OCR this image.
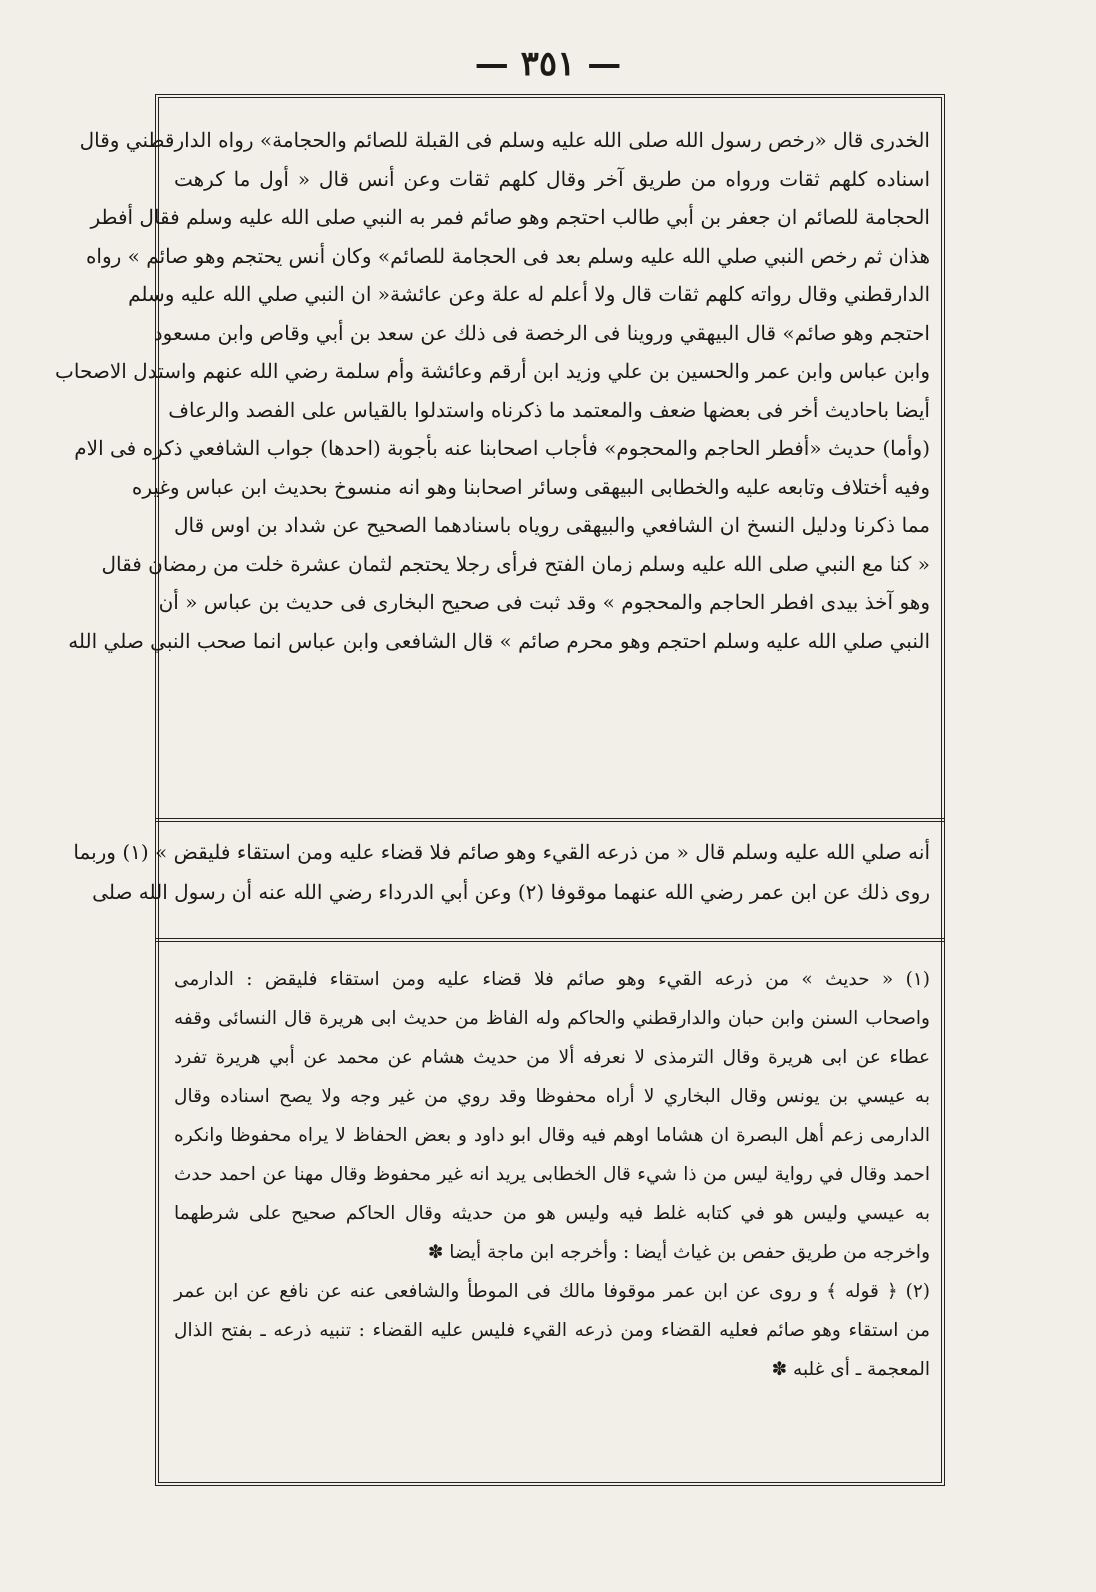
— ٣٥١ —
الخدرى قال «رخص رسول الله صلى الله عليه وسلم فى القبلة للصائم والحجامة» رواه الدارقطني وقال
اسناده كلهم ثقات ورواه من طريق آخر وقال كلهم ثقات وعن أنس قال « أول ما كرهت
الحجامة للصائم ان جعفر بن أبي طالب احتجم وهو صائم فمر به النبي صلى الله عليه وسلم فقال أفطر
هذان ثم رخص النبي صلي الله عليه وسلم بعد فى الحجامة للصائم» وكان أنس يحتجم وهو صائم » رواه
الدارقطني وقال رواته كلهم ثقات قال ولا أعلم له علة وعن عائشة« ان النبي صلي الله عليه وسلم
احتجم وهو صائم» قال البيهقي وروينا فى الرخصة فى ذلك عن سعد بن أبي وقاص وابن مسعود
وابن عباس وابن عمر والحسين بن علي وزيد ابن أرقم وعائشة وأم سلمة رضي الله عنهم واستدل الاصحاب
أيضا باحاديث أخر فى بعضها ضعف والمعتمد ما ذكرناه واستدلوا بالقياس على الفصد والرعاف
(وأما) حديث «أفطر الحاجم والمحجوم» فأجاب اصحابنا عنه بأجوبة (احدها) جواب الشافعي ذكره فى الام
وفيه أختلاف وتابعه عليه والخطابى البيهقى وسائر اصحابنا وهو انه منسوخ بحديث ابن عباس وغيره
مما ذكرنا ودليل النسخ ان الشافعي والبيهقى روياه باسنادهما الصحيح عن شداد بن اوس قال
« كنا مع النبي صلى الله عليه وسلم زمان الفتح فرأى رجلا يحتجم لثمان عشرة خلت من رمضان فقال
وهو آخذ بيدى افطر الحاجم والمحجوم » وقد ثبت فى صحيح البخارى فى حديث بن عباس « أن
النبي صلي الله عليه وسلم احتجم وهو محرم صائم » قال الشافعى وابن عباس انما صحب النبي صلي الله
أنه صلي الله عليه وسلم قال « من ذرعه القيء وهو صائم فلا قضاء عليه ومن استقاء فليقض » (١) وربما
روى ذلك عن ابن عمر رضي الله عنهما موقوفا (٢) وعن أبي الدرداء رضي الله عنه أن رسول الله صلى
(١) « حديث » من ذرعه القيء وهو صائم فلا قضاء عليه ومن استقاء فليقض : الدارمى
واصحاب السنن وابن حبان والدارقطني والحاكم وله الفاظ من حديث ابى هريرة قال النسائى وقفه
عطاء عن ابى هريرة وقال الترمذى لا نعرفه ألا من حديث هشام عن محمد عن أبي هريرة تفرد
به عيسي بن يونس وقال البخاري لا أراه محفوظا وقد روي من غير وجه ولا يصح اسناده وقال
الدارمى زعم أهل البصرة ان هشاما اوهم فيه وقال ابو داود و بعض الحفاظ لا يراه محفوظا وانكره
احمد وقال في رواية ليس من ذا شيء قال الخطابى يريد انه غير محفوظ وقال مهنا عن احمد حدث
به عيسي وليس هو في كتابه غلط فيه وليس هو من حديثه وقال الحاكم صحيح على شرطهما
واخرجه من طريق حفص بن غياث أيضا : وأخرجه ابن ماجة أيضا ✽
(٢) ﴿ قوله ﴾ و روى عن ابن عمر موقوفا مالك فى الموطأ والشافعى عنه عن نافع عن ابن عمر
من استقاء وهو صائم فعليه القضاء ومن ذرعه القيء فليس عليه القضاء : تنبيه ذرعه ـ بفتح الذال
المعجمة ـ أى غلبه ✽
